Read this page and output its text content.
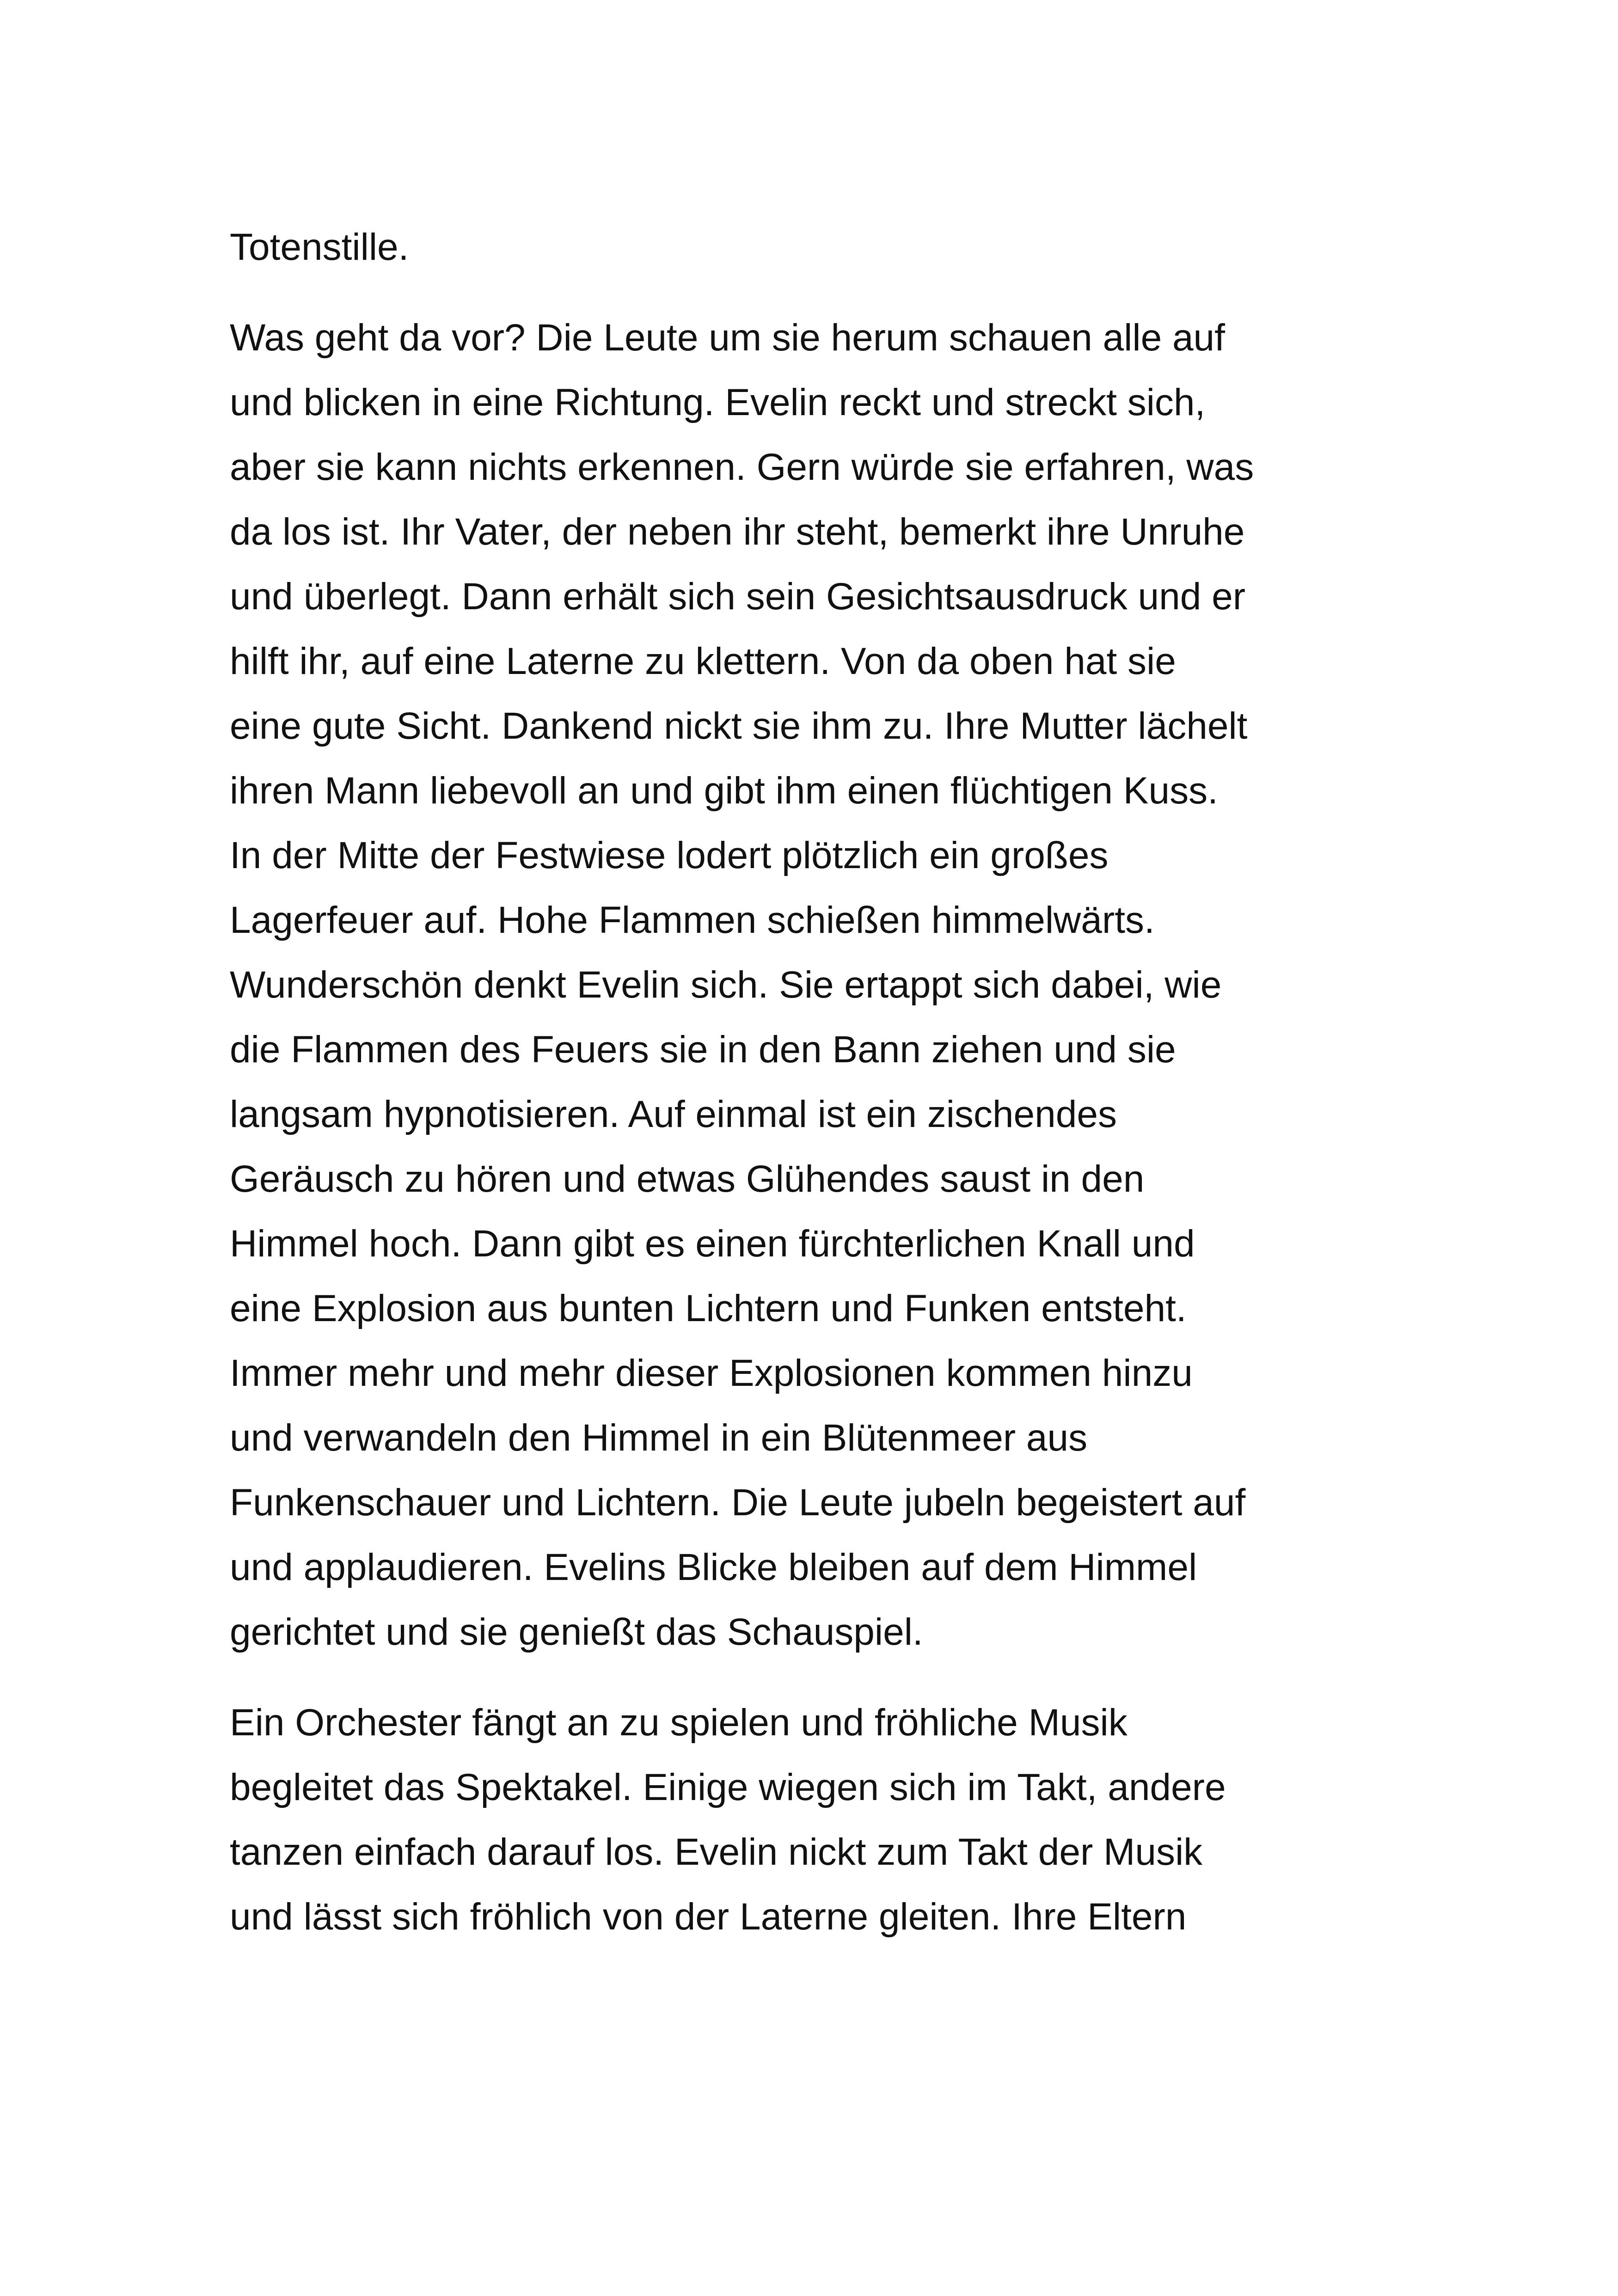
Totenstille.
Was geht da vor? Die Leute um sie herum schauen alle auf
und blicken in eine Richtung. Evelin reckt und streckt sich,
aber sie kann nichts erkennen. Gern würde sie erfahren, was
da los ist. Ihr Vater, der neben ihr steht, bemerkt ihre Unruhe
und überlegt. Dann erhält sich sein Gesichtsausdruck und er
hilft ihr, auf eine Laterne zu klettern. Von da oben hat sie
eine gute Sicht. Dankend nickt sie ihm zu. Ihre Mutter lächelt
ihren Mann liebevoll an und gibt ihm einen flüchtigen Kuss.
In der Mitte der Festwiese lodert plötzlich ein großes
Lagerfeuer auf. Hohe Flammen schießen himmelwärts.
Wunderschön denkt Evelin sich. Sie ertappt sich dabei, wie
die Flammen des Feuers sie in den Bann ziehen und sie
langsam hypnotisieren. Auf einmal ist ein zischendes
Geräusch zu hören und etwas Glühendes saust in den
Himmel hoch. Dann gibt es einen fürchterlichen Knall und
eine Explosion aus bunten Lichtern und Funken entsteht.
Immer mehr und mehr dieser Explosionen kommen hinzu
und verwandeln den Himmel in ein Blütenmeer aus
Funkenschauer und Lichtern. Die Leute jubeln begeistert auf
und applaudieren. Evelins Blicke bleiben auf dem Himmel
gerichtet und sie genießt das Schauspiel.
Ein Orchester fängt an zu spielen und fröhliche Musik
begleitet das Spektakel. Einige wiegen sich im Takt, andere
tanzen einfach darauf los. Evelin nickt zum Takt der Musik
und lässt sich fröhlich von der Laterne gleiten. Ihre Eltern
